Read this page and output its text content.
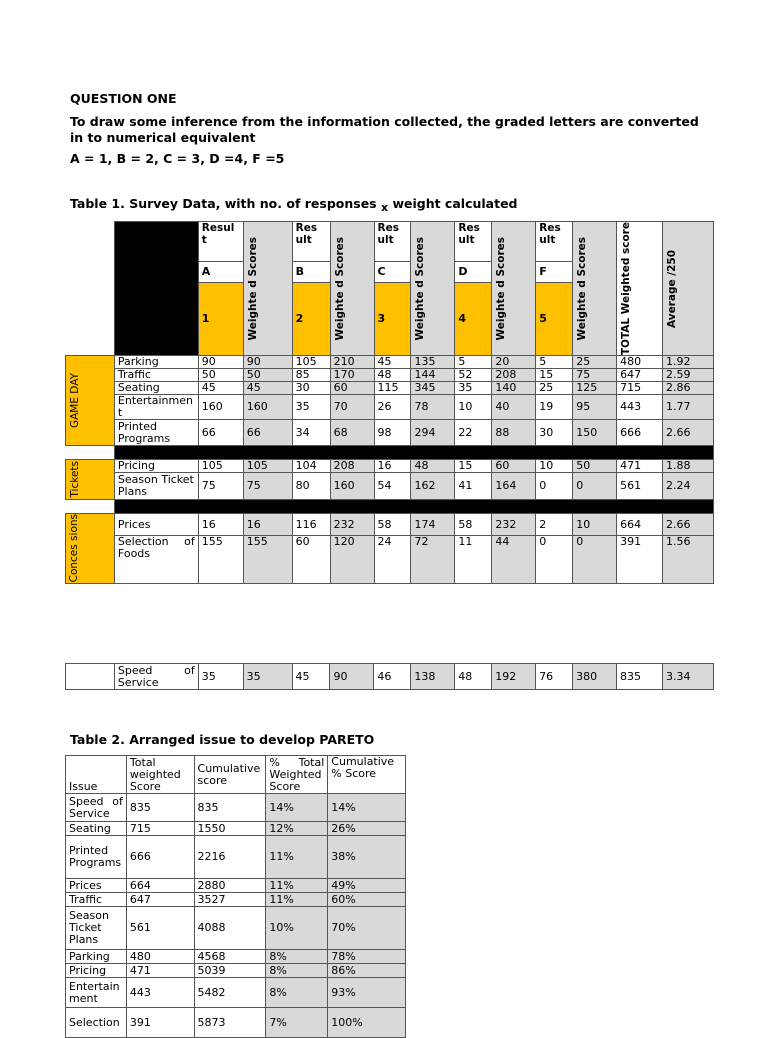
QUESTION ONE
To draw some inference from the information collected, the graded letters are converted in to numerical equivalent
A = 1, B = 2, C = 3, D =4, F =5
Table 1. Survey Data, with no. of responses x weight calculated
		Resul t	Weighte d Scores	Res ult	Weighte d Scores	Res ult	Weighte d Scores	Res ult	Weighte d Scores	Res ult	Weighte d Scores	TOTAL Weighted score	Average /250

		A		B		C		D		F			
		1		2		3		4		5			

GAME DAY	Parking	90	90	105	210	45	135	5	20	5	25	480	1.92
	Traffic	50	50	85	170	48	144	52	208	15	75	647	2.59
	Seating	45	45	30	60	115	345	35	140	25	125	715	2.86
	Entertainment	160	160	35	70	26	78	10	40	19	95	443	1.77
	Printed Programs	66	66	34	68	98	294	22	88	30	150	666	2.66

Tickets	Pricing	105	105	104	208	16	48	15	60	10	50	471	1.88
	Season Ticket Plans	75	75	80	160	54	162	41	164	0	0	561	2.24

Conces sions	Prices	16	16	116	232	58	174	58	232	2	10	664	2.66
	Selection of Foods	155	155	60	120	24	72	11	44	0	0	391	1.56
	Speed of Service	35	35	45	90	46	138	48	192	76	380	835	3.34
Table 2. Arranged issue to develop PARETO
Issue	Total weighted Score	Cumulative score	% Total Weighted Score	Cumulative % Score
Speed of Service	835	835	14%	14%
Seating	715	1550	12%	26%
Printed Programs	666	2216	11%	38%
Prices	664	2880	11%	49%
Traffic	647	3527	11%	60%
Season Ticket Plans	561	4088	10%	70%
Parking	480	4568	8%	78%
Pricing	471	5039	8%	86%
Entertainment	443	5482	8%	93%
Selection	391	5873	7%	100%
